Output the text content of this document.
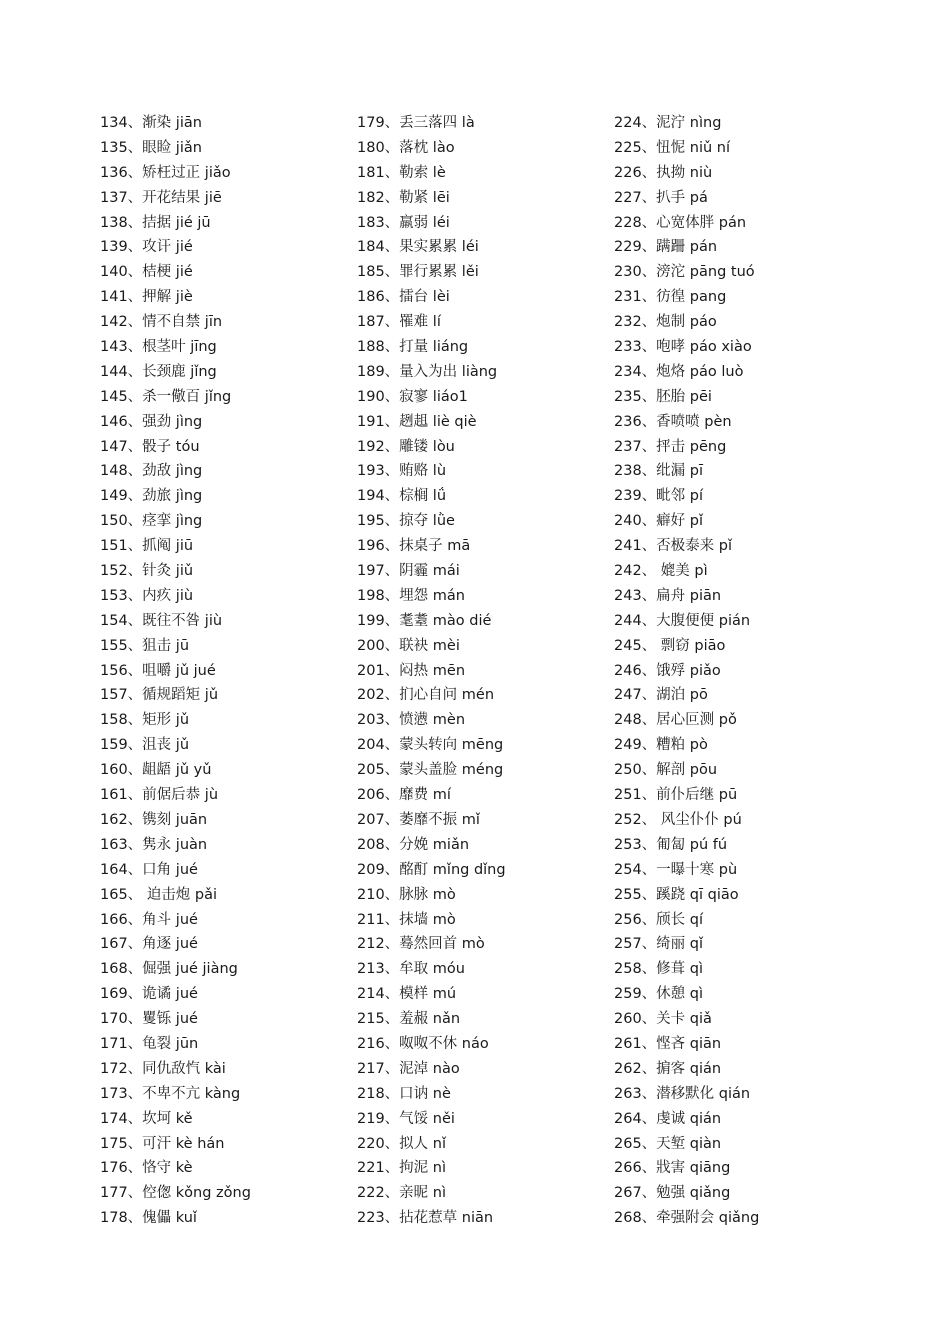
134、渐染 jiān
135、眼睑 jiǎn
136、矫枉过正 jiǎo
137、开花结果 jiē
138、拮据 jié jū
139、攻讦 jié
140、桔梗 jié
141、押解 jiè
142、情不自禁 jīn
143、根茎叶 jīng
144、长颈鹿 jǐng
145、杀一儆百 jǐng
146、强劲 jìng
147、骰子 tóu
148、劲敌 jìng
149、劲旅 jìng
150、痉挛 jìng
151、抓阄 jiū
152、针灸 jiǔ
153、内疚 jiù
154、既往不咎 jiù
155、狙击 jū
156、咀嚼 jǔ jué
157、循规蹈矩 jǔ
158、矩形 jǔ
159、沮丧 jǔ
160、龃龉 jǔ yǔ
161、前倨后恭 jù
162、镌刻 juān
163、隽永 juàn
164、口角 jué
165、 迫击炮 pǎi
166、角斗 jué
167、角逐 jué
168、倔强 jué jiàng
169、诡谲 jué
170、矍铄 jué
171、龟裂 jūn
172、同仇敌忾 kài
173、不卑不亢 kàng
174、坎坷 kě
175、可汗 kè hán
176、恪守 kè
177、倥偬 kǒng zǒng
178、傀儡 kuǐ
179、丢三落四 là
180、落枕 lào
181、勒索 lè
182、勒紧 lēi
183、羸弱 léi
184、果实累累 léi
185、罪行累累 lěi
186、擂台 lèi
187、罹难 lí
188、打量 liáng
189、量入为出 liàng
190、寂寥 liáo1
191、趔趄 liè qiè
192、雕镂 lòu
193、贿赂 lù
194、棕榈 lǘ
195、掠夺 lǜe
196、抹桌子 mā
197、阴霾 mái
198、埋怨 mán
199、耄耋 mào dié
200、联袂 mèi
201、闷热 mēn
202、扪心自问 mén
203、愤懑 mèn
204、蒙头转向 mēng
205、蒙头盖脸 méng
206、靡费 mí
207、萎靡不振 mǐ
208、分娩 miǎn
209、酩酊 mǐng dǐng
210、脉脉 mò
211、抹墙 mò
212、蓦然回首 mò
213、牟取 móu
214、模样 mú
215、羞赧 nǎn
216、呶呶不休 náo
217、泥淖 nào
218、口讷 nè
219、气馁 něi
220、拟人 nǐ
221、拘泥 nì
222、亲昵 nì
223、拈花惹草 niān
224、泥泞 nìng
225、忸怩 niǔ ní
226、执拗 niù
227、扒手 pá
228、心宽体胖 pán
229、蹒跚 pán
230、滂沱 pāng tuó
231、彷徨 pang
232、炮制 páo
233、咆哮 páo xiào
234、炮烙 páo luò
235、胚胎 pēi
236、香喷喷 pèn
237、抨击 pēng
238、纰漏 pī
239、毗邻 pí
240、癖好 pǐ
241、否极泰来 pǐ
242、 媲美 pì
243、扁舟 piān
244、大腹便便 pián
245、 剽窃 piāo
246、饿殍 piǎo
247、湖泊 pō
248、居心叵测 pǒ
249、糟粕 pò
250、解剖 pōu
251、前仆后继 pū
252、 风尘仆仆 pú
253、匍匐 pú fú
254、一曝十寒 pù
255、蹊跷 qī qiāo
256、颀长 qí
257、绮丽 qǐ
258、修葺 qì
259、休憩 qì
260、关卡 qiǎ
261、悭吝 qiān
262、掮客 qián
263、潜移默化 qián
264、虔诚 qián
265、天堑 qiàn
266、戕害 qiāng
267、勉强 qiǎng
268、牵强附会 qiǎng
